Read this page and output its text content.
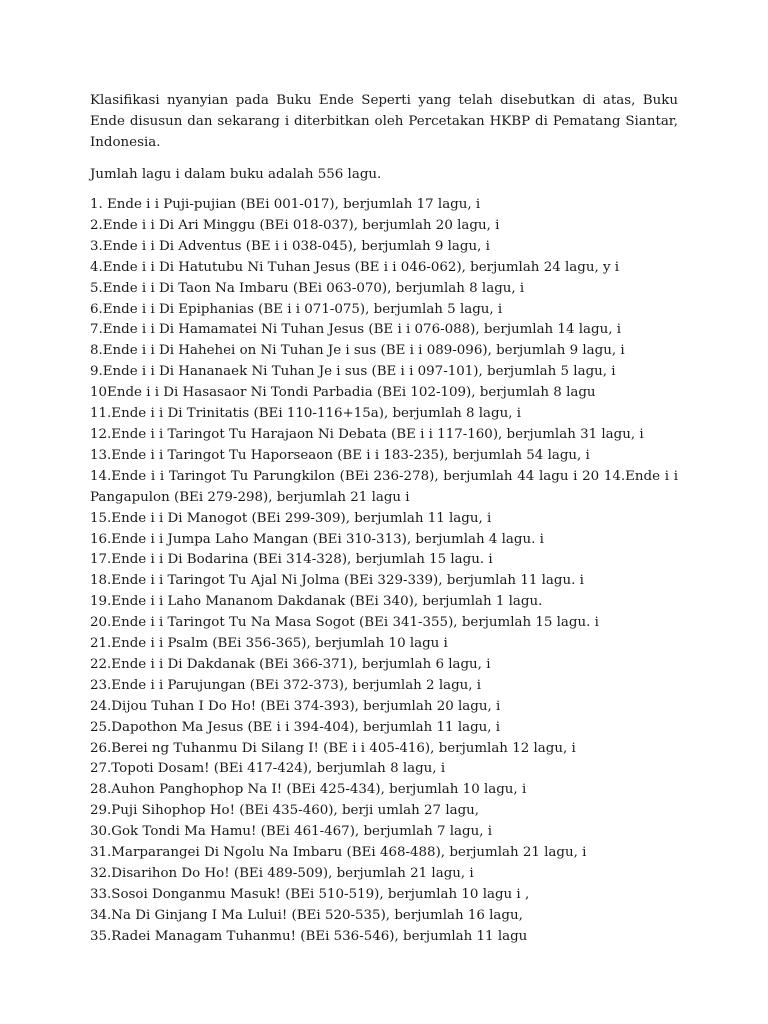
Klasifikasi nyanyian pada Buku Ende Seperti yang telah disebutkan di atas, Buku Ende disusun dan sekarang i diterbitkan oleh Percetakan HKBP di Pematang Siantar, Indonesia.

Jumlah lagu i dalam buku adalah 556 lagu.

1. Ende i i Puji-pujian (BEi 001-017), berjumlah 17 lagu, i
2.Ende i i Di Ari Minggu (BEi 018-037), berjumlah 20 lagu, i
3.Ende i i Di Adventus (BE i i 038-045), berjumlah 9 lagu, i
4.Ende i i Di Hatutubu Ni Tuhan Jesus (BE i i 046-062), berjumlah 24 lagu, y i
5.Ende i i Di Taon Na Imbaru (BEi 063-070), berjumlah 8 lagu, i
6.Ende i i Di Epiphanias (BE i i 071-075), berjumlah 5 lagu, i
7.Ende i i Di Hamamatei Ni Tuhan Jesus (BE i i 076-088), berjumlah 14 lagu, i
8.Ende i i Di Hahehei on Ni Tuhan Je i sus (BE i i 089-096), berjumlah 9 lagu, i
9.Ende i i Di Hananaek Ni Tuhan Je i sus (BE i i 097-101), berjumlah 5 lagu, i
10Ende i i Di Hasasaor Ni Tondi Parbadia (BEi 102-109), berjumlah 8 lagu
11.Ende i i Di Trinitatis (BEi 110-116+15a), berjumlah 8 lagu, i
12.Ende i i Taringot Tu Harajaon Ni Debata (BE i i 117-160), berjumlah 31 lagu, i
13.Ende i i Taringot Tu Haporseaon (BE i i 183-235), berjumlah 54 lagu, i
14.Ende i i Taringot Tu Parungkilon (BEi 236-278), berjumlah 44 lagu i 20 14.Ende i i Pangapulon (BEi 279-298), berjumlah 21 lagu i
15.Ende i i Di Manogot (BEi 299-309), berjumlah 11 lagu, i
16.Ende i i Jumpa Laho Mangan (BEi 310-313), berjumlah 4 lagu. i
17.Ende i i Di Bodarina (BEi 314-328), berjumlah 15 lagu. i
18.Ende i i Taringot Tu Ajal Ni Jolma (BEi 329-339), berjumlah 11 lagu. i
19.Ende i i Laho Mananom Dakdanak (BEi 340), berjumlah 1 lagu.
20.Ende i i Taringot Tu Na Masa Sogot (BEi 341-355), berjumlah 15 lagu. i
21.Ende i i Psalm (BEi 356-365), berjumlah 10 lagu i
22.Ende i i Di Dakdanak (BEi 366-371), berjumlah 6 lagu, i
23.Ende i i Parujungan (BEi 372-373), berjumlah 2 lagu, i
24.Dijou Tuhan I Do Ho! (BEi 374-393), berjumlah 20 lagu, i
25.Dapothon Ma Jesus (BE i i 394-404), berjumlah 11 lagu, i
26.Berei ng Tuhanmu Di Silang I! (BE i i 405-416), berjumlah 12 lagu, i
27.Topoti Dosam! (BEi 417-424), berjumlah 8 lagu, i
28.Auhon Panghophop Na I! (BEi 425-434), berjumlah 10 lagu, i
29.Puji Sihophop Ho! (BEi 435-460), berji umlah 27 lagu,
30.Gok Tondi Ma Hamu! (BEi 461-467), berjumlah 7 lagu, i
31.Marparangei Di Ngolu Na Imbaru (BEi 468-488), berjumlah 21 lagu, i
32.Disarihon Do Ho! (BEi 489-509), berjumlah 21 lagu, i
33.Sosoi Donganmu Masuk! (BEi 510-519), berjumlah 10 lagu i ,
34.Na Di Ginjang I Ma Lului! (BEi 520-535), berjumlah 16 lagu,
35.Radei Managam Tuhanmu! (BEi 536-546), berjumlah 11 lagu
